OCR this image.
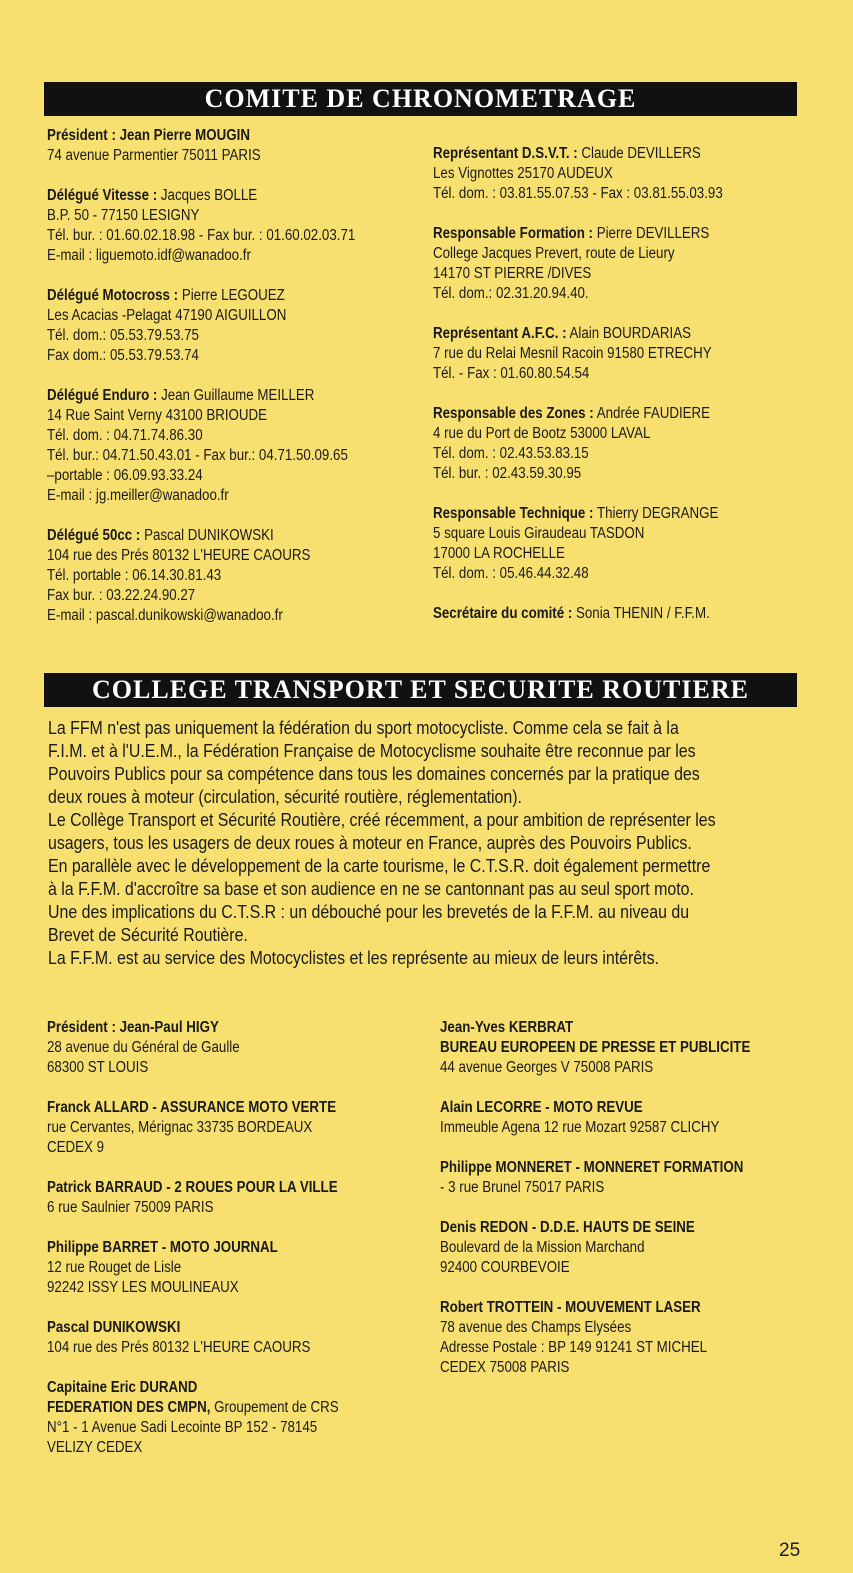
COMITE DE CHRONOMETRAGE
Président : Jean Pierre MOUGIN
74 avenue Parmentier 75011 PARIS
Délégué Vitesse : Jacques BOLLE
B.P. 50 - 77150 LESIGNY
Tél. bur. : 01.60.02.18.98 - Fax bur. : 01.60.02.03.71
E-mail : liguemoto.idf@wanadoo.fr
Délégué Motocross : Pierre LEGOUEZ
Les Acacias -Pelagat 47190 AIGUILLON
Tél. dom.: 05.53.79.53.75
Fax dom.: 05.53.79.53.74
Délégué Enduro : Jean Guillaume MEILLER
14 Rue Saint Verny 43100 BRIOUDE
Tél. dom. : 04.71.74.86.30
Tél. bur.: 04.71.50.43.01 - Fax bur.: 04.71.50.09.65
–portable : 06.09.93.33.24
E-mail : jg.meiller@wanadoo.fr
Délégué 50cc : Pascal DUNIKOWSKI
104 rue des Prés 80132 L'HEURE CAOURS
Tél. portable : 06.14.30.81.43
Fax bur. : 03.22.24.90.27
E-mail : pascal.dunikowski@wanadoo.fr
Représentant D.S.V.T. : Claude DEVILLERS
Les Vignottes 25170 AUDEUX
Tél. dom. : 03.81.55.07.53 - Fax : 03.81.55.03.93
Responsable Formation : Pierre DEVILLERS
College Jacques Prevert, route de Lieury
14170 ST PIERRE /DIVES
Tél. dom.: 02.31.20.94.40.
Représentant A.F.C. : Alain BOURDARIAS
7 rue du Relai Mesnil Racoin 91580 ETRECHY
Tél. - Fax : 01.60.80.54.54
Responsable des Zones : Andrée FAUDIERE
4 rue du Port de Bootz 53000 LAVAL
Tél. dom. : 02.43.53.83.15
Tél. bur. : 02.43.59.30.95
Responsable Technique : Thierry DEGRANGE
5 square Louis Giraudeau TASDON
17000 LA ROCHELLE
Tél. dom. : 05.46.44.32.48
Secrétaire du comité : Sonia THENIN / F.F.M.
COLLEGE TRANSPORT ET SECURITE ROUTIERE

La FFM n'est pas uniquement la fédération du sport motocycliste. Comme cela se fait à la

F.I.M. et à l'U.E.M., la Fédération Française de Motocyclisme souhaite être reconnue par les

Pouvoirs Publics pour sa compétence dans tous les domaines concernés par la pratique des

deux roues à moteur (circulation, sécurité routière, réglementation).

Le Collège Transport et Sécurité Routière, créé récemment, a pour ambition de représenter les

usagers, tous les usagers de deux roues à moteur en France, auprès des Pouvoirs Publics.

En parallèle avec le développement de la carte tourisme, le C.T.S.R. doit également permettre

à la F.F.M. d'accroître sa base et son audience en ne se cantonnant pas au seul sport moto.

Une des implications du C.T.S.R : un débouché pour les brevetés de la F.F.M. au niveau du

Brevet de Sécurité Routière.

La F.F.M. est au service des Motocyclistes et les représente au mieux de leurs intérêts.

Président : Jean-Paul HIGY
28 avenue du Général de Gaulle
68300 ST LOUIS
Franck ALLARD - ASSURANCE MOTO VERTE
rue Cervantes, Mérignac 33735 BORDEAUX
CEDEX 9
Patrick BARRAUD - 2 ROUES POUR LA VILLE
6 rue Saulnier 75009 PARIS
Philippe BARRET - MOTO JOURNAL
12 rue Rouget de Lisle
92242 ISSY LES MOULINEAUX
Pascal DUNIKOWSKI
104 rue des Prés 80132 L'HEURE CAOURS
Capitaine Eric DURAND
FEDERATION DES CMPN, Groupement de CRS
N°1 - 1 Avenue Sadi Lecointe BP 152 - 78145
VELIZY CEDEX
Jean-Yves KERBRAT
BUREAU EUROPEEN DE PRESSE ET PUBLICITE
44 avenue Georges V 75008 PARIS
Alain LECORRE - MOTO REVUE
Immeuble Agena 12 rue Mozart 92587 CLICHY
Philippe MONNERET - MONNERET FORMATION
- 3 rue Brunel 75017 PARIS
Denis REDON - D.D.E. HAUTS DE SEINE
Boulevard de la Mission Marchand
92400 COURBEVOIE
Robert TROTTEIN - MOUVEMENT LASER
78 avenue des Champs Elysées
Adresse Postale : BP 149 91241 ST MICHEL
CEDEX 75008 PARIS
25
